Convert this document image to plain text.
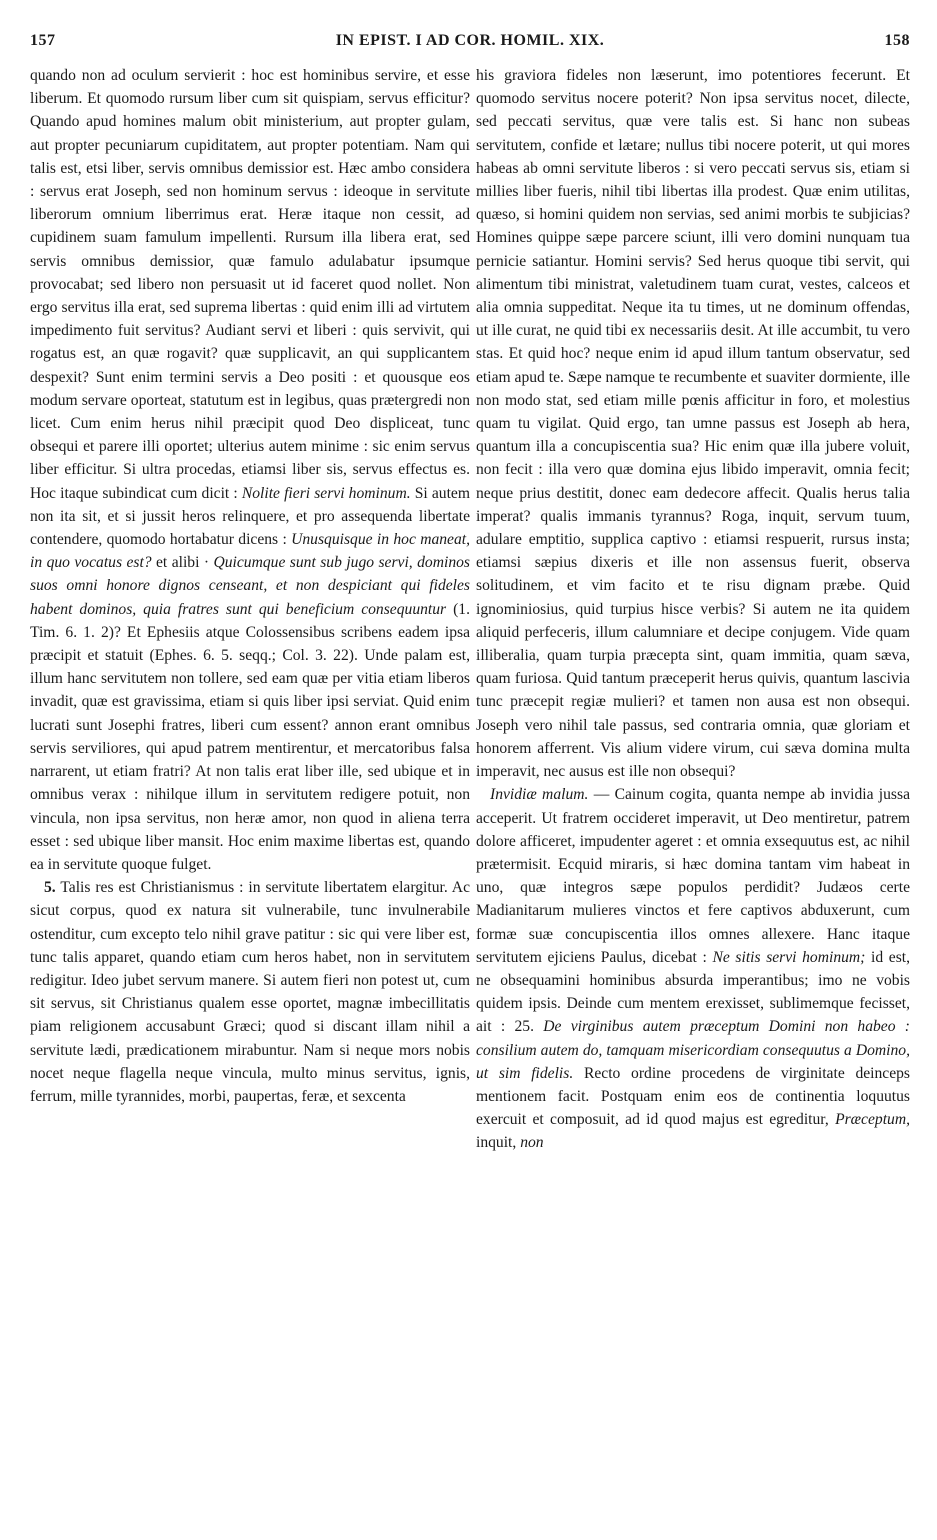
157	IN EPIST. I AD COR. HOMIL. XIX.	158

quando non ad oculum servierit : hoc est hominibus servire, et esse liberum. Et quomodo rursum liber cum sit quispiam, servus efficitur? Quando apud homines malum obit ministerium, aut propter gulam, aut propter pecuniarum cupiditatem, aut propter potentiam. Nam qui talis est, etsi liber, servis omnibus demissior est. Hæc ambo considera : servus erat Joseph, sed non hominum servus : ideoque in servitute liberorum omnium liberrimus erat. Heræ itaque non cessit, ad cupidinem suam famulum impellenti. Rursum illa libera erat, sed servis omnibus demissior, quæ famulo adulabatur ipsumque provocabat; sed libero non persuasit ut id faceret quod nollet. Non ergo servitus illa erat, sed suprema libertas : quid enim illi ad virtutem impedimento fuit servitus? Audiant servi et liberi : quis servivit, qui rogatus est, an quæ rogavit? quæ supplicavit, an qui supplicantem despexit? Sunt enim termini servis a Deo positi : et quousque eos modum servare oporteat, statutum est in legibus, quas prætergredi non licet. Cum enim herus nihil præcipit quod Deo displiceat, tunc obsequi et parere illi oportet; ulterius autem minime : sic enim servus liber efficitur. Si ultra procedas, etiamsi liber sis, servus effectus es. Hoc itaque subindicat cum dicit : Nolite fieri servi hominum. Si autem non ita sit, et si jussit heros relinquere, et pro assequenda libertate contendere, quomodo hortabatur dicens : Unusquisque in hoc maneat, in quo vocatus est? et alibi · Quicumque sunt sub jugo servi, dominos suos omni honore dignos censeant, et non despiciant qui fideles habent dominos, quia fratres sunt qui beneficium consequuntur (1. Tim. 6. 1. 2)? Et Ephesiis atque Colossensibus scribens eadem ipsa præcipit et statuit (Ephes. 6. 5. seqq.; Col. 3. 22). Unde palam est, illum hanc servitutem non tollere, sed eam quæ per vitia etiam liberos invadit, quæ est gravissima, etiam si quis liber ipsi serviat. Quid enim lucrati sunt Josephi fratres, liberi cum essent? annon erant omnibus servis serviliores, qui apud patrem mentirentur, et mercatoribus falsa narrarent, ut etiam fratri? At non talis erat liber ille, sed ubique et in omnibus verax : nihilque illum in servitutem redigere potuit, non vincula, non ipsa servitus, non heræ amor, non quod in aliena terra esset : sed ubique liber mansit. Hoc enim maxime libertas est, quando ea in servitute quoque fulget.

5. Talis res est Christianismus : in servitute libertatem elargitur. Ac sicut corpus, quod ex natura sit vulnerabile, tunc invulnerabile ostenditur, cum excepto telo nihil grave patitur : sic qui vere liber est, tunc talis apparet, quando etiam cum heros habet, non in servitutem redigitur. Ideo jubet servum manere. Si autem fieri non potest ut, cum sit servus, sit Christianus qualem esse oportet, magnæ imbecillitatis piam religionem accusabunt Græci; quod si discant illam nihil a servitute lædi, prædicationem mirabuntur. Nam si neque mors nobis nocet neque flagella neque vincula, multo minus servitus, ignis, ferrum, mille tyrannides, morbi, paupertas, feræ, et sexcenta

his graviora fideles non læserunt, imo potentiores fecerunt. Et quomodo servitus nocere poterit? Non ipsa servitus nocet, dilecte, sed peccati servitus, quæ vere talis est. Si hanc non subeas servitutem, confide et lætare; nullus tibi nocere poterit, ut qui mores habeas ab omni servitute liberos : si vero peccati servus sis, etiam si millies liber fueris, nihil tibi libertas illa prodest. Quæ enim utilitas, quæso, si homini quidem non servias, sed animi morbis te subjicias? Homines quippe sæpe parcere sciunt, illi vero domini nunquam tua pernicie satiantur. Homini servis? Sed herus quoque tibi servit, qui alimentum tibi ministrat, valetudinem tuam curat, vestes, calceos et alia omnia suppeditat. Neque ita tu times, ut ne dominum offendas, ut ille curat, ne quid tibi ex necessariis desit. At ille accumbit, tu vero stas. Et quid hoc? neque enim id apud illum tantum observatur, sed etiam apud te. Sæpe namque te recumbente et suaviter dormiente, ille non modo stat, sed etiam mille pœnis afficitur in foro, et molestius quam tu vigilat. Quid ergo, tan umne passus est Joseph ab hera, quantum illa a concupiscentia sua? Hic enim quæ illa jubere voluit, non fecit : illa vero quæ domina ejus libido imperavit, omnia fecit; neque prius destitit, donec eam dedecore affecit. Qualis herus talia imperat? qualis immanis tyrannus? Roga, inquit, servum tuum, adulare emptitio, supplica captivo : etiamsi respuerit, rursus insta; etiamsi sæpius dixeris et ille non assensus fuerit, observa solitudinem, et vim facito et te risu dignam præbe. Quid ignominiosius, quid turpius hisce verbis? Si autem ne ita quidem aliquid perfeceris, illum calumniare et decipe conjugem. Vide quam illiberalia, quam turpia præcepta sint, quam immitia, quam sæva, quam furiosa. Quid tantum præceperit herus quivis, quantum lascivia tunc præcepit regiæ mulieri? et tamen non ausa est non obsequi. Joseph vero nihil tale passus, sed contraria omnia, quæ gloriam et honorem afferrent. Vis alium videre virum, cui sæva domina multa imperavit, nec ausus est ille non obsequi?

Invidiæ malum. — Cainum cogita, quanta nempe ab invidia jussa acceperit. Ut fratrem occideret imperavit, ut Deo mentiretur, patrem dolore afficeret, impudenter ageret : et omnia exsequutus est, ac nihil prætermisit. Ecquid miraris, si hæc domina tantam vim habeat in uno, quæ integros sæpe populos perdidit? Judæos certe Madianitarum mulieres vinctos et fere captivos abduxerunt, cum formæ suæ concupiscentia illos omnes allexere. Hanc itaque servitutem ejiciens Paulus, dicebat : Ne sitis servi hominum; id est, ne obsequamini hominibus absurda imperantibus; imo ne vobis quidem ipsis. Deinde cum mentem erexisset, sublimemque fecisset, ait : 25. De virginibus autem præceptum Domini non habeo : consilium autem do, tamquam misericordiam consequutus a Domino, ut sim fidelis. Recto ordine procedens de virginitate deinceps mentionem facit. Postquam enim eos de continentia loquutus exercuit et composuit, ad id quod majus est egreditur, Præceptum, inquit, non
